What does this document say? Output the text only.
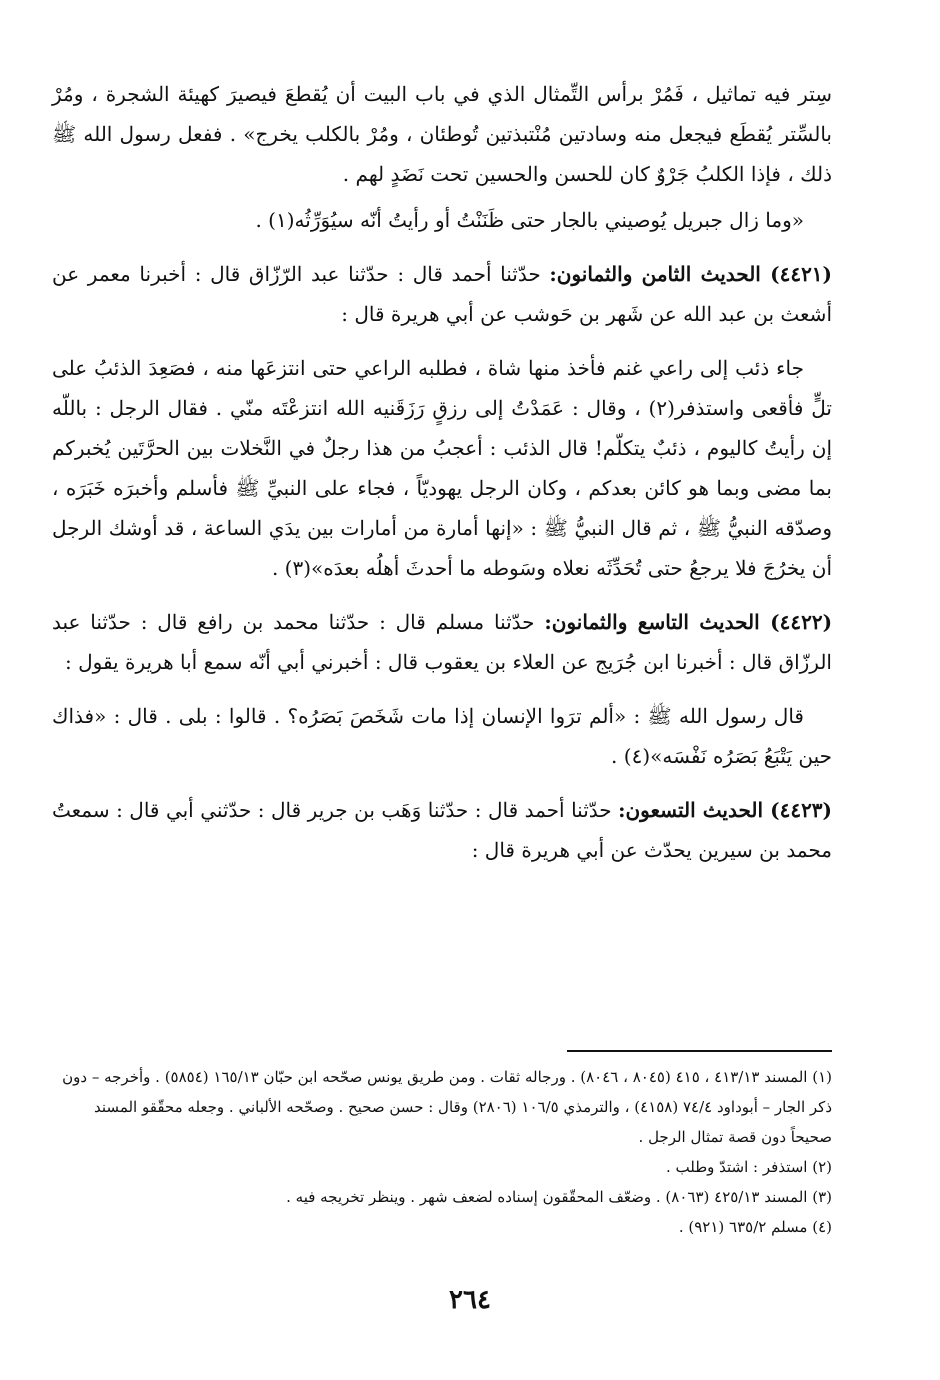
سِتر فيه تماثيل ، فَمُرْ برأس التِّمثال الذي في باب البيت أن يُقطعَ فيصيرَ كهيئة الشجرة ، ومُرْ بالسِّتر يُقطَع فيجعل منه وسادتين مُنْتبذتين تُوطئان ، ومُرْ بالكلب يخرج» . ففعل رسول الله ﷺ ذلك ، فإذا الكلبُ جَرْوٌ كان للحسن والحسين تحت نَضَدٍ لهم .

«وما زال جبريل يُوصيني بالجار حتى ظَنَنْتُ أو رأيتُ أنّه سيُوَرِّثُه(١) .

(٤٤٢١) الحديث الثامن والثمانون: حدّثنا أحمد قال : حدّثنا عبد الرّزّاق قال : أخبرنا معمر عن أشعث بن عبد الله عن شَهر بن حَوشب عن أبي هريرة قال :

جاء ذئب إلى راعي غنم فأخذ منها شاة ، فطلبه الراعي حتى انتزعَها منه ، فصَعِدَ الذئبُ على تلٍّ فأقعى واستذفر(٢) ، وقال : عَمَدْتُ إلى رزقٍ رَزَقَنيه الله انتزعْتَه منّي . فقال الرجل : باللّه إن رأيتُ كاليوم ، ذئبٌ يتكلّم! قال الذئب : أعجبُ من هذا رجلٌ في النَّخلات بين الحرَّتَين يُخبركم بما مضى وبما هو كائن بعدكم ، وكان الرجل يهوديّاً ، فجاء على النبيِّ ﷺ فأسلم وأخبرَه خَبَرَه ، وصدّقه النبيُّ ﷺ ، ثم قال النبيُّ ﷺ : «إنها أمارة من أمارات بين يدَي الساعة ، قد أوشك الرجل أن يخرُجَ فلا يرجعُ حتى تُحَدِّثَه نعلاه وسَوطه ما أحدثَ أهلُه بعدَه»(٣) .

(٤٤٢٢) الحديث التاسع والثمانون: حدّثنا مسلم قال : حدّثنا محمد بن رافع قال : حدّثنا عبد الرزّاق قال : أخبرنا ابن جُرَيج عن العلاء بن يعقوب قال : أخبرني أبي أنّه سمع أبا هريرة يقول :

قال رسول الله ﷺ : «ألم ترَوا الإنسان إذا مات شَخَصَ بَصَرُه؟ . قالوا : بلى . قال : «فذاك حين يَتْبَعُ بَصَرُه نَفْسَه»(٤) .

(٤٤٢٣) الحديث التسعون: حدّثنا أحمد قال : حدّثنا وَهَب بن جرير قال : حدّثني أبي قال : سمعتُ محمد بن سيرين يحدّث عن أبي هريرة قال :

(١) المسند ٤١٣/١٣ ، ٤١٥ (٨٠٤٥ ، ٨٠٤٦) . ورجاله ثقات . ومن طريق يونس صحّحه ابن حبّان ١٦٥/١٣ (٥٨٥٤) . وأخرجه – دون ذكر الجار – أبوداود ٧٤/٤ (٤١٥٨) ، والترمذي ١٠٦/٥ (٢٨٠٦) وقال : حسن صحيح . وصحّحه الألباني . وجعله محقّقو المسند صحيحاً دون قصة تمثال الرجل .

(٢) استذفر : اشتدّ وطلب .

(٣) المسند ٤٢٥/١٣ (٨٠٦٣) . وضعّف المحقّقون إسناده لضعف شهر . وينظر تخريجه فيه .

(٤) مسلم ٦٣٥/٢ (٩٢١) .

٢٦٤
